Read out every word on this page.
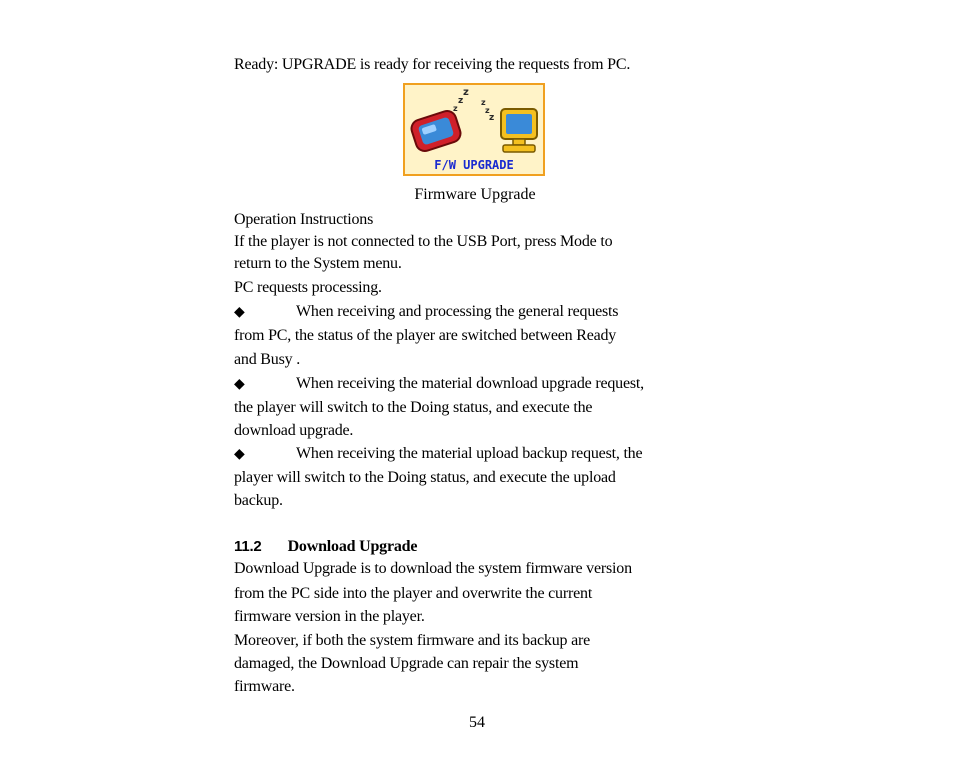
Ready: UPGRADE is ready for receiving the requests from PC.
z
z
z
z
z
z
F/W UPGRADE
Firmware Upgrade
Operation Instructions
If the player is not connected to the USB Port, press Mode to
return to the System menu.
PC requests processing.
◆	When receiving and processing the general requests
from PC, the status of the player are switched between Ready
and Busy .
◆	When receiving the material download upgrade request,
the player will switch to the Doing status, and execute the
download upgrade.
◆	When receiving the material upload backup request, the
player will switch to the Doing status, and execute the upload
backup.
11.2 Download Upgrade
Download Upgrade is to download the system firmware version
from the PC side into the player and overwrite the current
firmware version in the player.
Moreover, if both the system firmware and its backup are
damaged, the Download Upgrade can repair the system
firmware.
54
